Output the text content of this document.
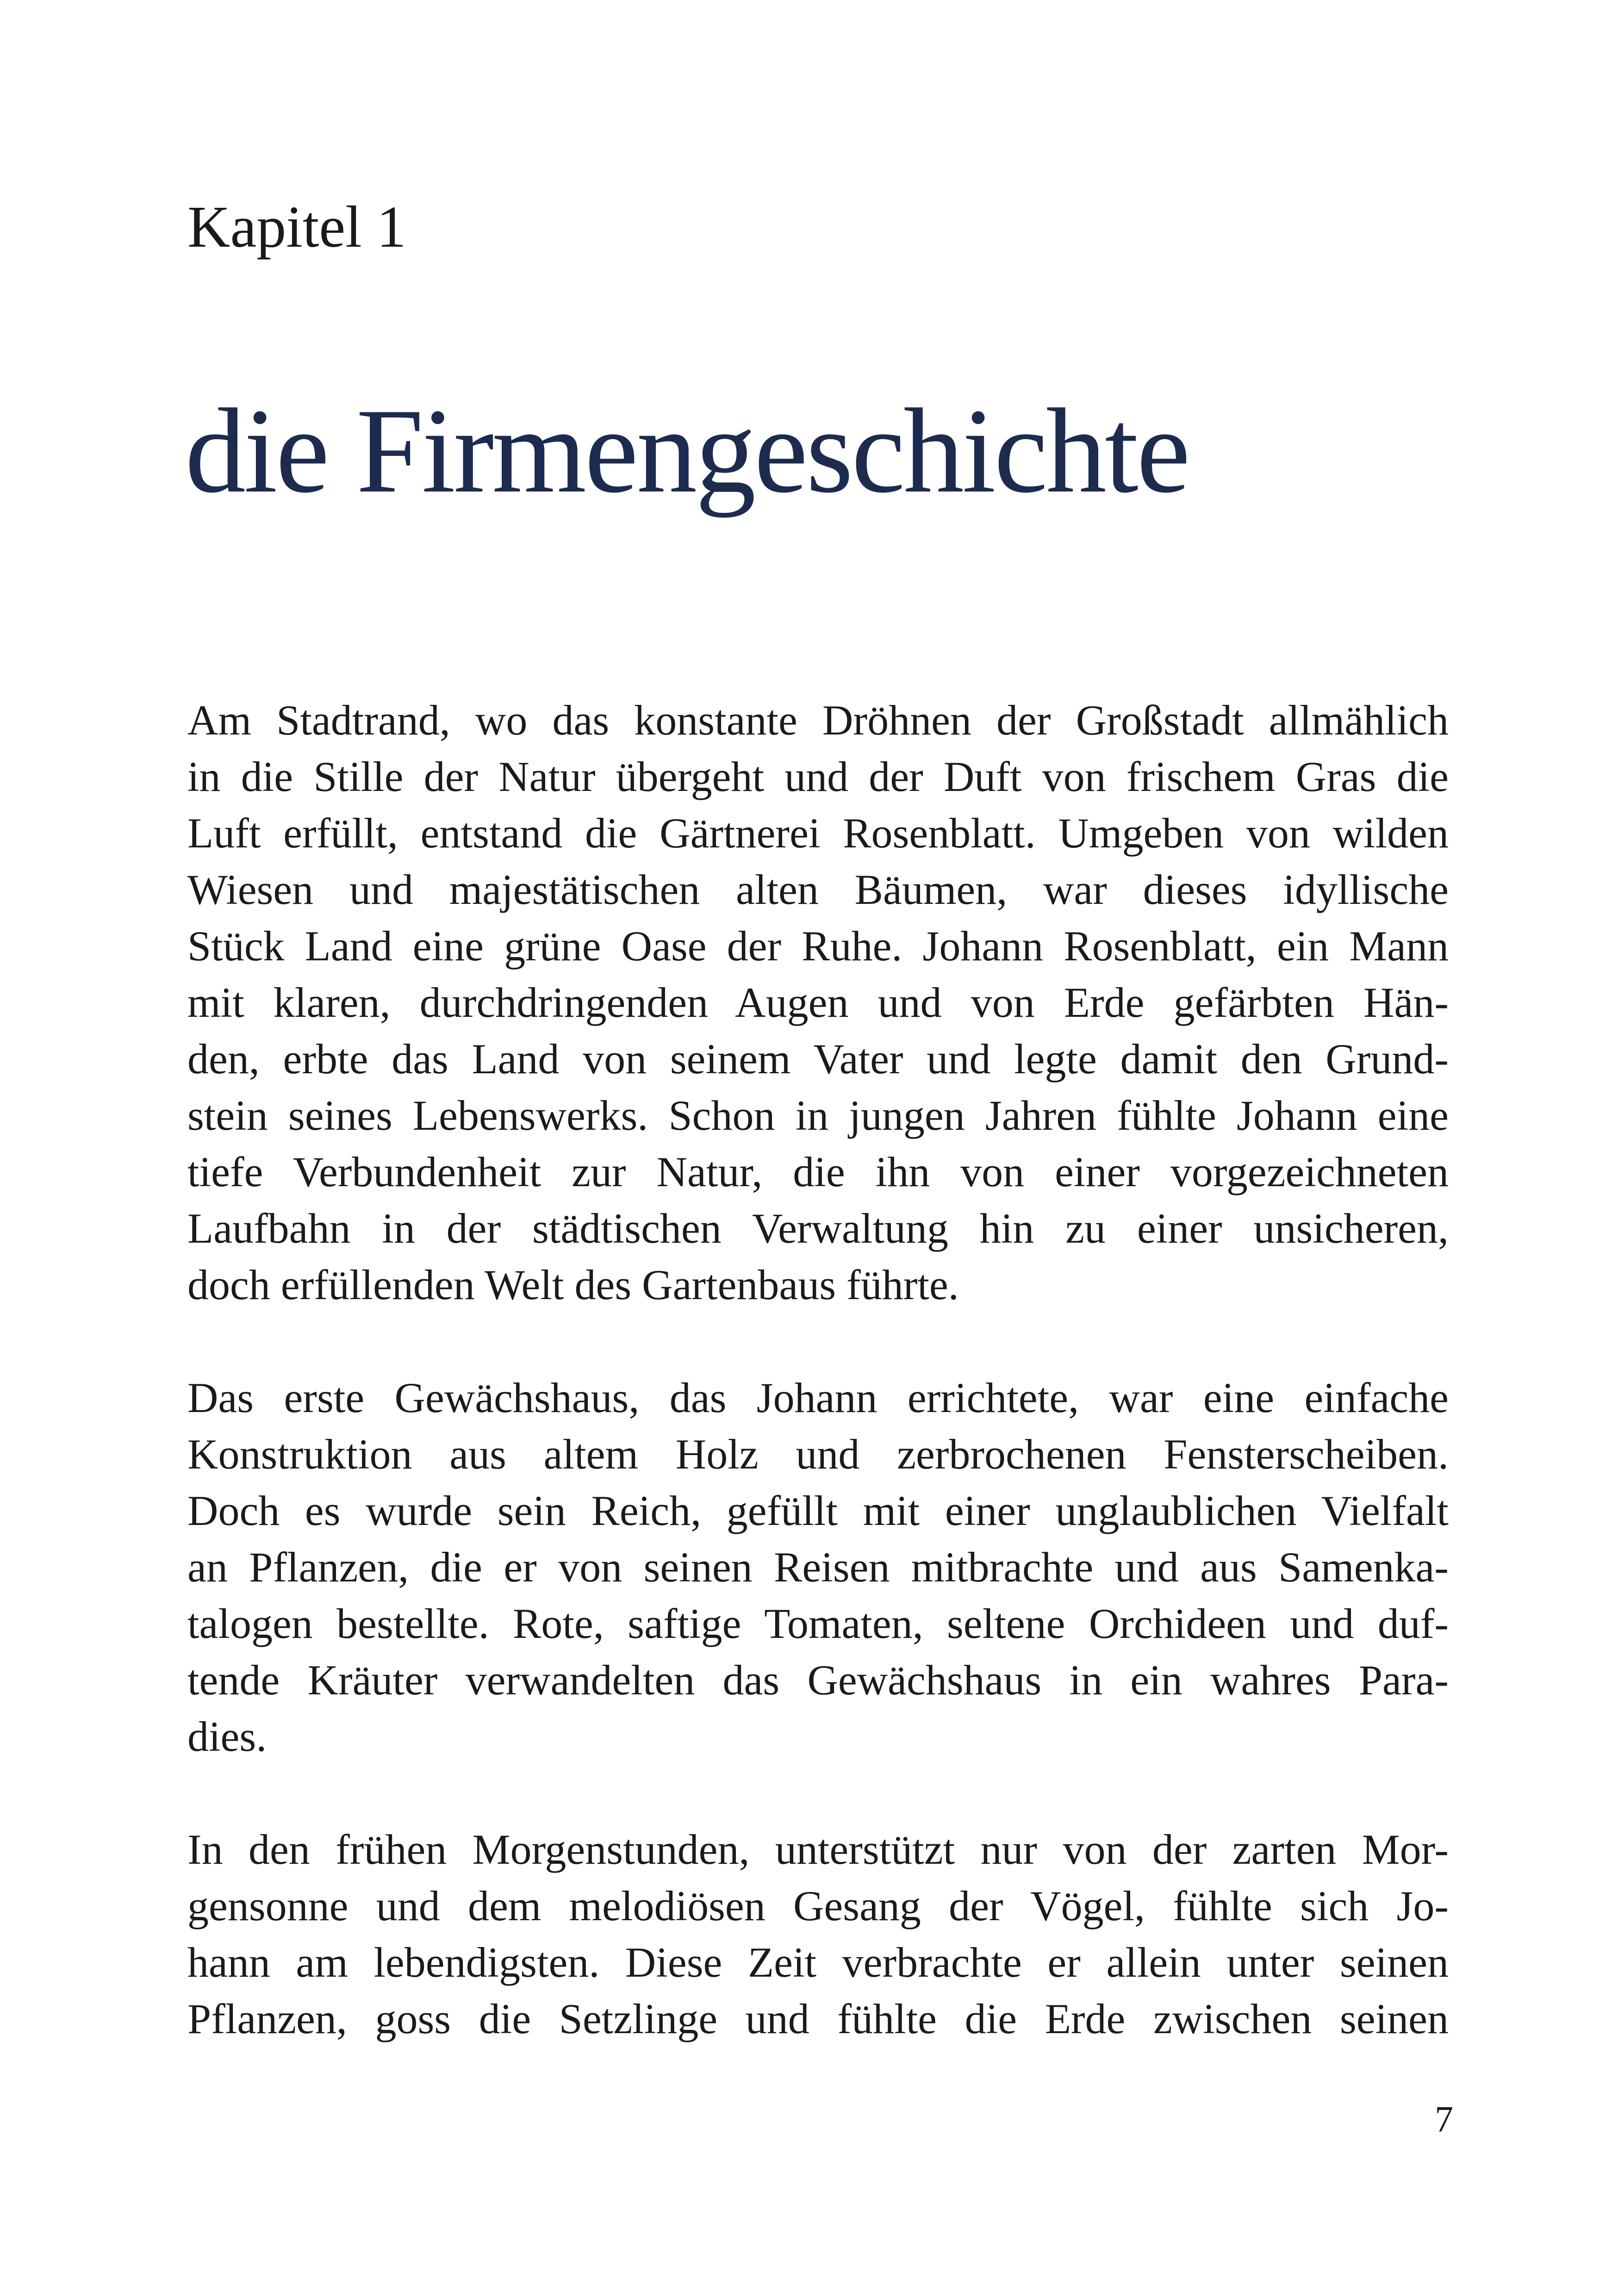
Kapitel 1
die Firmengeschichte
Am Stadtrand, wo das konstante Dröhnen der Großstadt allmählich
in die Stille der Natur übergeht und der Duft von frischem Gras die
Luft erfüllt, entstand die Gärtnerei Rosenblatt. Umgeben von wilden
Wiesen und majestätischen alten Bäumen, war dieses idyllische
Stück Land eine grüne Oase der Ruhe. Johann Rosenblatt, ein Mann
mit klaren, durchdringenden Augen und von Erde gefärbten Hän-
den, erbte das Land von seinem Vater und legte damit den Grund-
stein seines Lebenswerks. Schon in jungen Jahren fühlte Johann eine
tiefe Verbundenheit zur Natur, die ihn von einer vorgezeichneten
Laufbahn in der städtischen Verwaltung hin zu einer unsicheren,
doch erfüllenden Welt des Gartenbaus führte.
Das erste Gewächshaus, das Johann errichtete, war eine einfache
Konstruktion aus altem Holz und zerbrochenen Fensterscheiben.
Doch es wurde sein Reich, gefüllt mit einer unglaublichen Vielfalt
an Pflanzen, die er von seinen Reisen mitbrachte und aus Samenka-
talogen bestellte. Rote, saftige Tomaten, seltene Orchideen und duf-
tende Kräuter verwandelten das Gewächshaus in ein wahres Para-
dies.
In den frühen Morgenstunden, unterstützt nur von der zarten Mor-
gensonne und dem melodiösen Gesang der Vögel, fühlte sich Jo-
hann am lebendigsten. Diese Zeit verbrachte er allein unter seinen
Pflanzen, goss die Setzlinge und fühlte die Erde zwischen seinen
7
